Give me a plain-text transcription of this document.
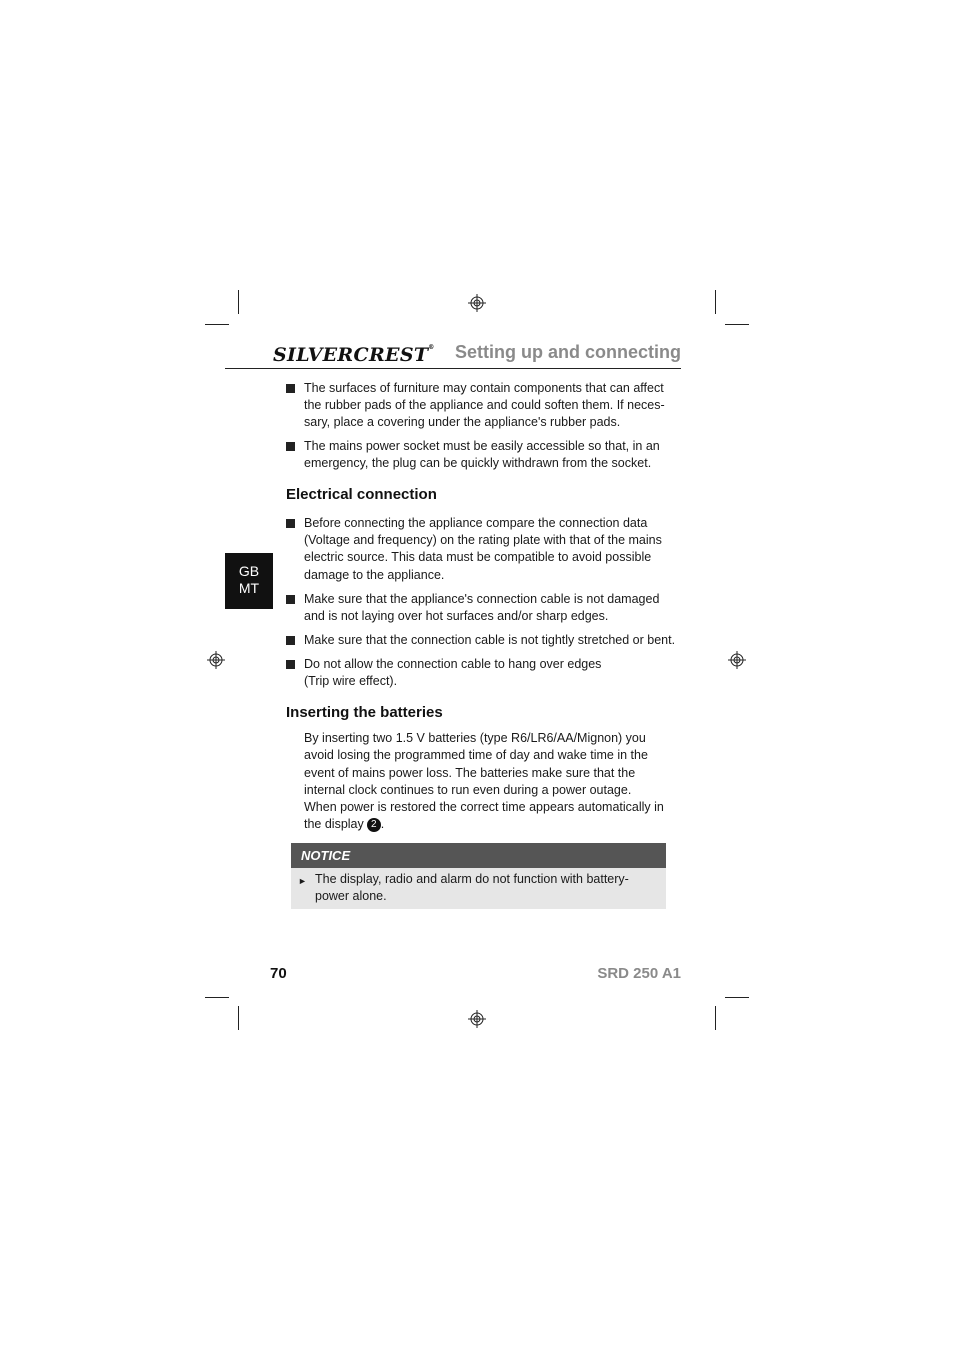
SILVERCREST® Setting up and connecting
GB
MT
The surfaces of furniture may contain components that can affect the rubber pads of the appliance and could soften them. If neces-sary, place a covering under the appliance's rubber pads.
The mains power socket must be easily accessible so that, in an emergency, the plug can be quickly withdrawn from the socket.
Electrical connection
Before connecting the appliance compare the connection data (Voltage and frequency) on the rating plate with that of the mains electric source. This data must be compatible to avoid possible damage to the appliance.
Make sure that the appliance's connection cable is not damaged and is not laying over hot surfaces and/or sharp edges.
Make sure that the connection cable is not tightly stretched or bent.
Do not allow the connection cable to hang over edges (Trip wire effect).
Inserting the batteries
By inserting two 1.5 V batteries (type R6/LR6/AA/Mignon) you avoid losing the programmed time of day and wake time in the event of mains power loss. The batteries make sure that the internal clock continues to run even during a power outage.
When power is restored the correct time appears automatically in the display 2 .
NOTICE
► The display, radio and alarm do not function with battery-power alone.
70	SRD 250 A1
